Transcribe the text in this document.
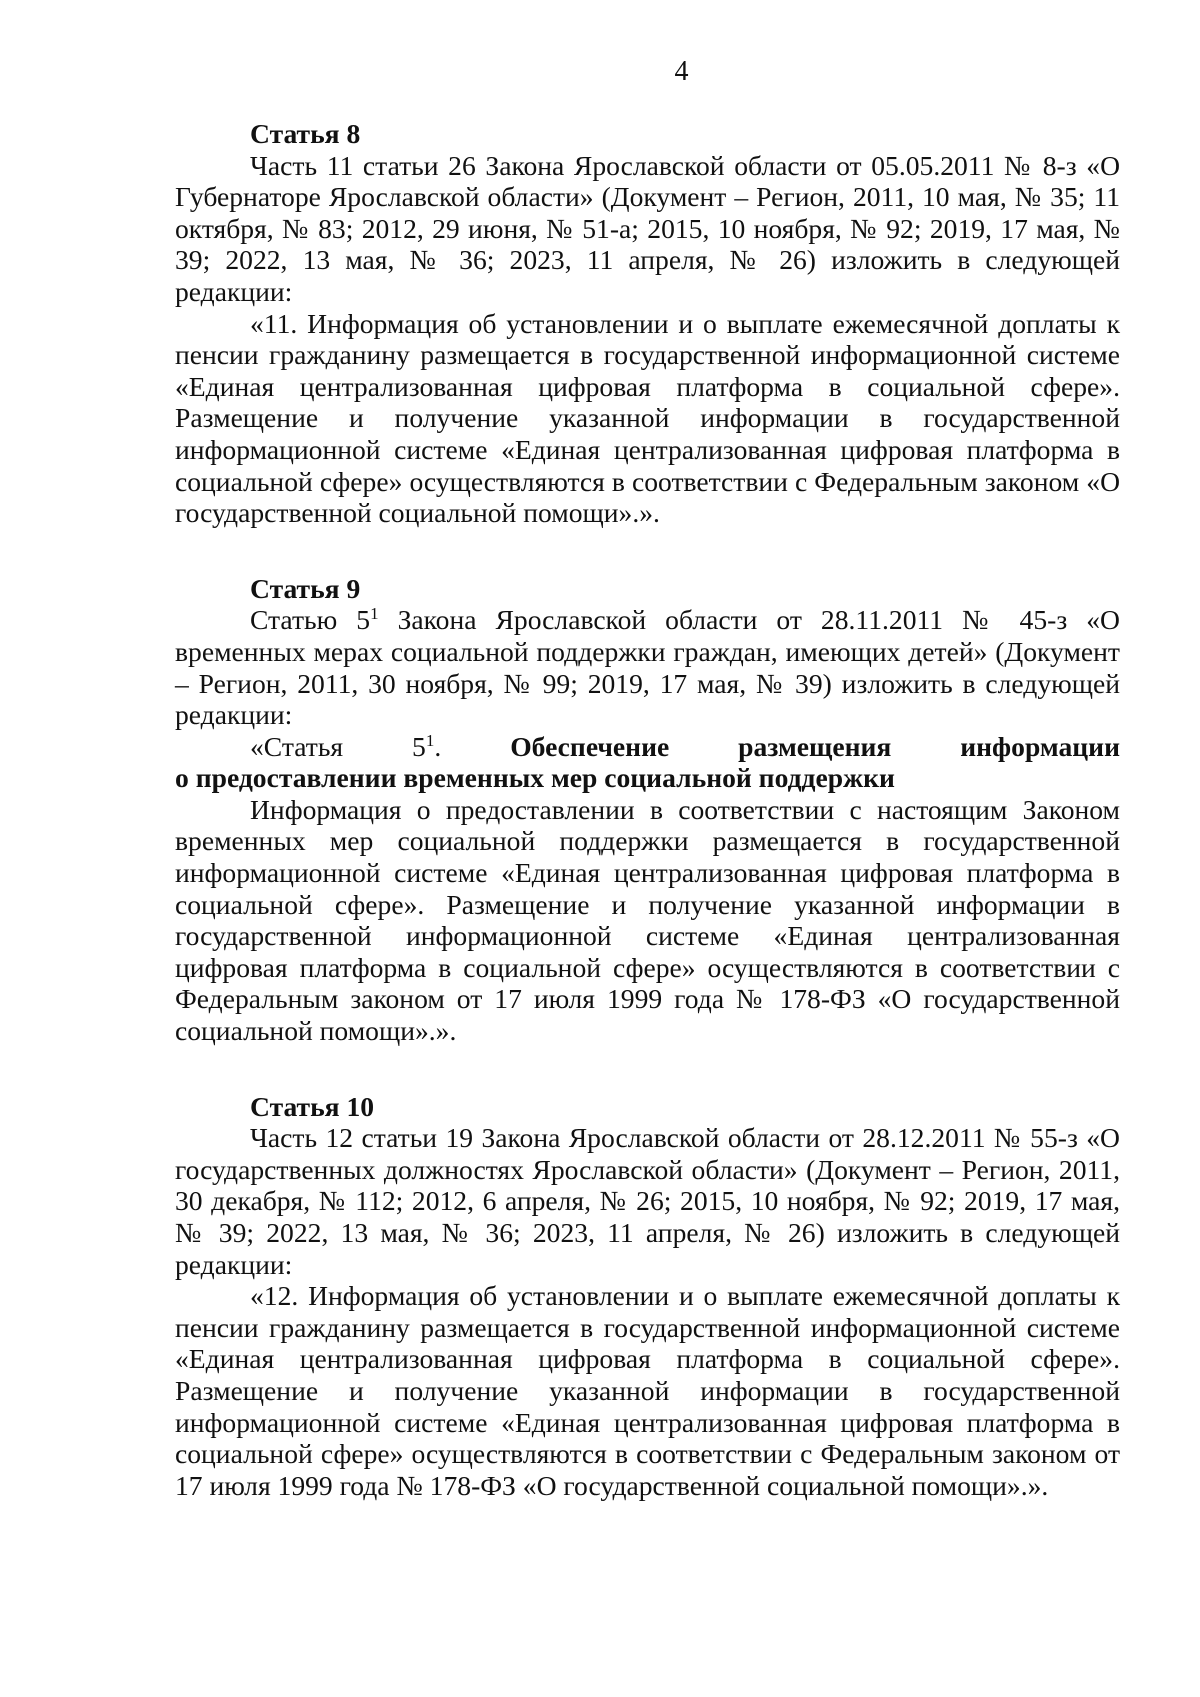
4
Статья 8

Часть 11 статьи 26 Закона Ярославской области от 05.05.2011 № 8-з «О Губернаторе Ярославской области» (Документ – Регион, 2011, 10 мая, № 35; 11 октября, № 83; 2012, 29 июня, № 51-а; 2015, 10 ноября, № 92; 2019, 17 мая, № 39; 2022, 13 мая, № 36; 2023, 11 апреля, № 26) изложить в следующей редакции:

«11. Информация об установлении и о выплате ежемесячной доплаты к пенсии гражданину размещается в государственной информационной системе «Единая централизованная цифровая платформа в социальной сфере». Размещение и получение указанной информации в государственной информационной системе «Единая централизованная цифровая платформа в социальной сфере» осуществляются в соответствии с Федеральным законом «О государственной социальной помощи».».

Статья 9

Статью $5^1$ Закона Ярославской области от 28.11.2011 № 45-з «О временных мерах социальной поддержки граждан, имеющих детей» (Документ – Регион, 2011, 30 ноября, № 99; 2019, 17 мая, № 39) изложить в следующей редакции:

«Статья $5^1$. Обеспечение размещения информации

о предоставлении временных мер социальной поддержки

Информация о предоставлении в соответствии с настоящим Законом временных мер социальной поддержки размещается в государственной информационной системе «Единая централизованная цифровая платформа в социальной сфере». Размещение и получение указанной информации в государственной информационной системе «Единая централизованная цифровая платформа в социальной сфере» осуществляются в соответствии с Федеральным законом от 17 июля 1999 года № 178-ФЗ «О государственной социальной помощи».».

Статья 10

Часть 12 статьи 19 Закона Ярославской области от 28.12.2011 № 55-з «О государственных должностях Ярославской области» (Документ – Регион, 2011, 30 декабря, № 112; 2012, 6 апреля, № 26; 2015, 10 ноября, № 92; 2019, 17 мая, № 39; 2022, 13 мая, № 36; 2023, 11 апреля, № 26) изложить в следующей редакции:

«12. Информация об установлении и о выплате ежемесячной доплаты к пенсии гражданину размещается в государственной информационной системе «Единая централизованная цифровая платформа в социальной сфере». Размещение и получение указанной информации в государственной информационной системе «Единая централизованная цифровая платформа в социальной сфере» осуществляются в соответствии с Федеральным законом от 17 июля 1999 года № 178-ФЗ «О государственной социальной помощи».».
